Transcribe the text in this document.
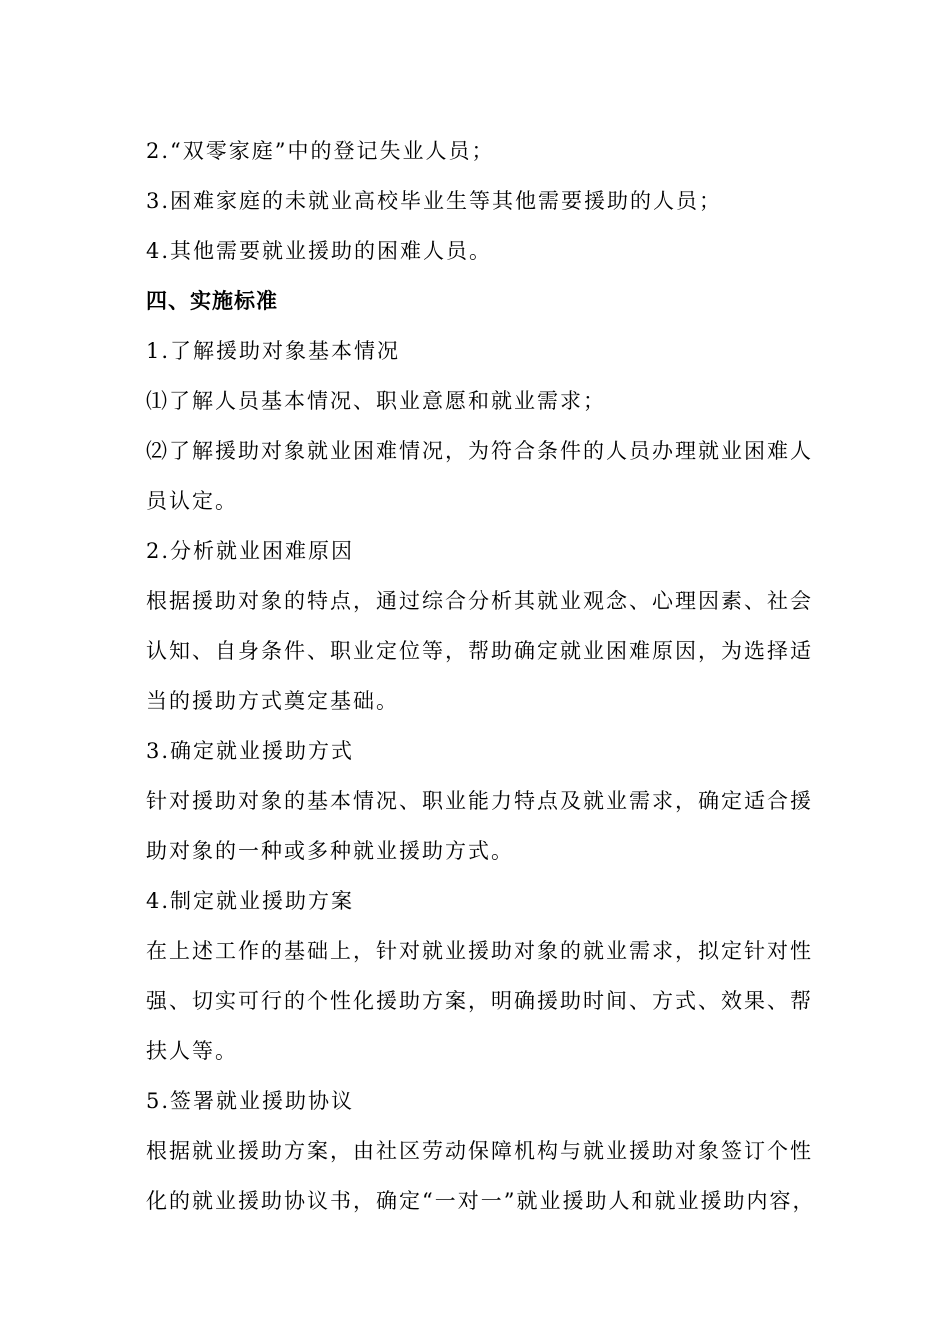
2.“双零家庭”中的登记失业人员；
3.困难家庭的未就业高校毕业生等其他需要援助的人员；
4.其他需要就业援助的困难人员。
四、实施标准
1.了解援助对象基本情况
⑴了解人员基本情况、职业意愿和就业需求；
⑵了解援助对象就业困难情况，为符合条件的人员办理就业困难人
员认定。
2.分析就业困难原因
根据援助对象的特点，通过综合分析其就业观念、心理因素、社会
认知、自身条件、职业定位等，帮助确定就业困难原因，为选择适
当的援助方式奠定基础。
3.确定就业援助方式
针对援助对象的基本情况、职业能力特点及就业需求，确定适合援
助对象的一种或多种就业援助方式。
4.制定就业援助方案
在上述工作的基础上，针对就业援助对象的就业需求，拟定针对性
强、切实可行的个性化援助方案，明确援助时间、方式、效果、帮
扶人等。
5.签署就业援助协议
根据就业援助方案，由社区劳动保障机构与就业援助对象签订个性
化的就业援助协议书，确定“一对一”就业援助人和就业援助内容，
